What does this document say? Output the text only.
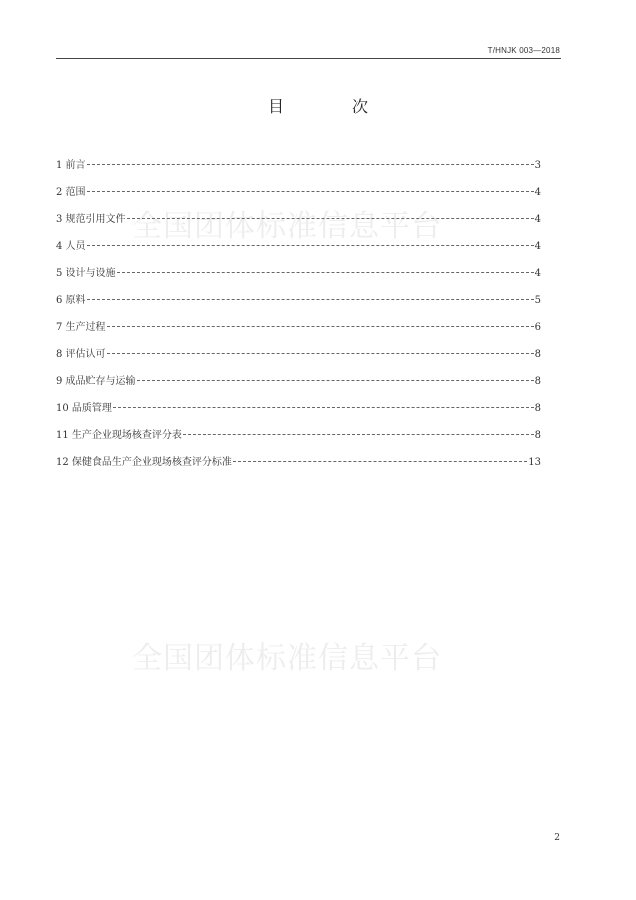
T/HNJK 003—2018
全国团体标准信息平台
全国团体标准信息平台
目　次
1 前言	3
2 范围	4
3 规范引用文件	4
4 人员	4
5 设计与设施	4
6 原料	5
7 生产过程	6
8 评估认可	8
9 成品贮存与运输	8
10 品质管理	8
11 生产企业现场核查评分表	8
12 保健食品生产企业现场核查评分标准	13
2
